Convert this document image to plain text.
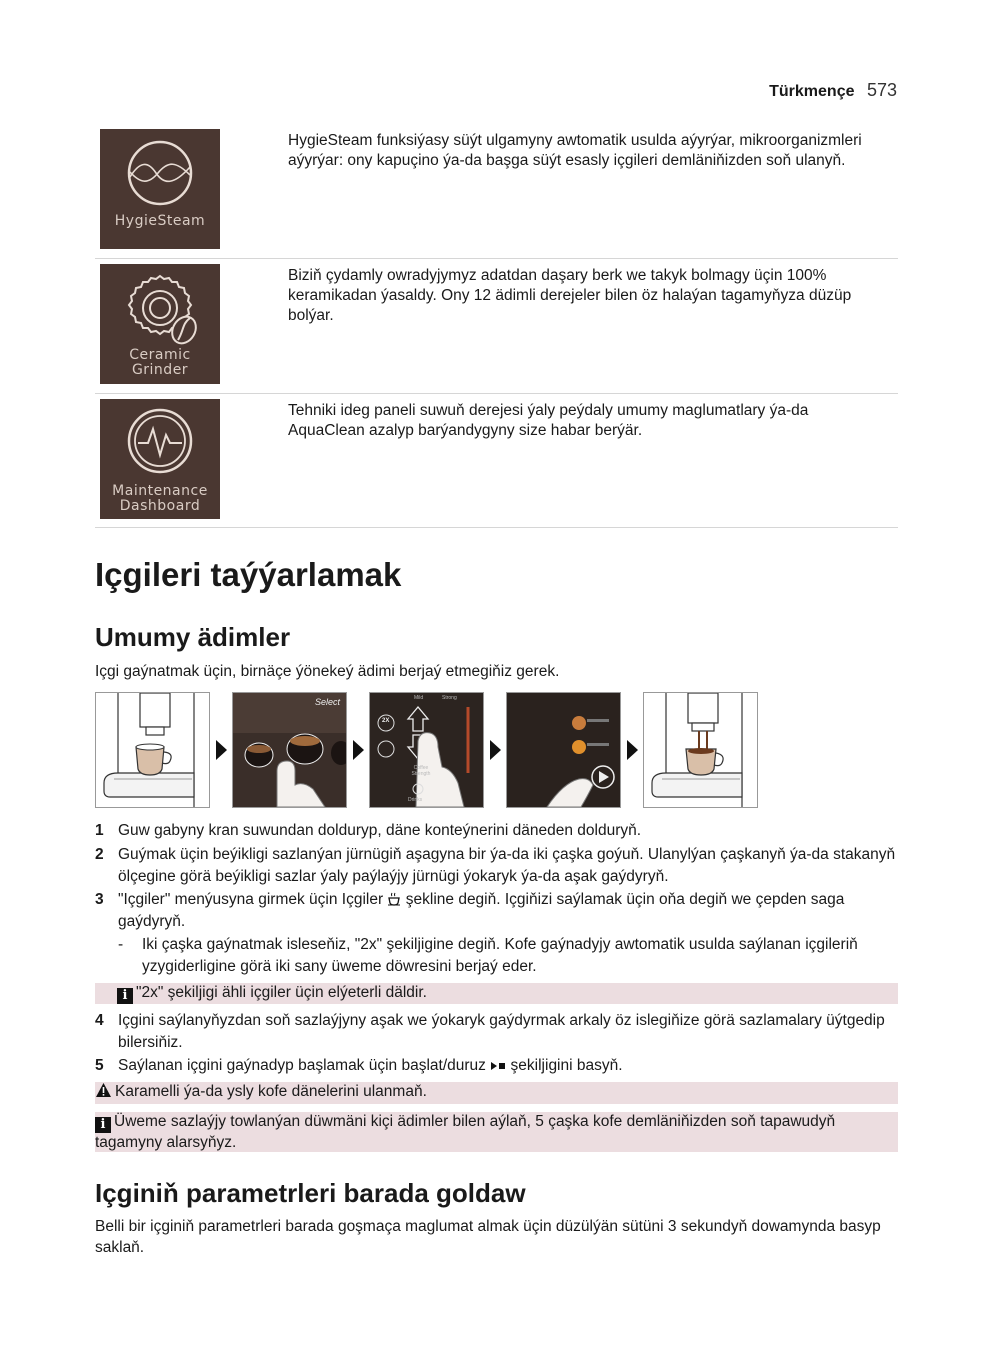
Türkmençe 573
HygieSteam
HygieSteam funksiýasy süýt ulgamyny awtomatik usulda aýyrýar, mikroorganizmleri aýyrýar: ony kapuçino ýa-da başga süýt esasly içgileri demläniňizden soň ulanyň.
Ceramic
Grinder
Biziň çydamly owradyjymyz adatdan daşary berk we takyk bolmagy üçin 100% keramikadan ýasaldy. Ony 12 ädimli derejeler bilen öz halaýan tagamyňyza düzüp bolýar.
Maintenance
Dashboard
Tehniki ideg paneli suwuň derejesi ýaly peýdaly umumy maglumatlary ýa-da AquaClean azalyp barýandygyny size habar berýär.
Içgileri taýýarlamak
Umumy ädimler
Içgi gaýnatmak üçin, birnäçe ýönekeý ädimi berjaý etmegiňiz gerek.
Select	Mild	Strong
2X
Coffee Strength
Drinks
1 Guw gabyny kran suwundan dolduryp, däne konteýnerini däneden dolduryň.
2 Guýmak üçin beýikligi sazlanýan jürnügiň aşagyna bir ýa-da iki çaşka goýuň. Ulanylýan çaşkanyň ýa-da stakanyň ölçegine görä beýikligi sazlar ýaly paýlaýjy jürnügi ýokaryk ýa-da aşak gaýdyryň.
3 "Içgiler" menýusyna girmek üçin Içgiler şekline degiň. Içgiňizi saýlamak üçin oňa degiň we çepden saga gaýdyryň.
- Iki çaşka gaýnatmak isleseňiz, "2x" şekiljigine degiň. Kofe gaýnadyjy awtomatik usulda saýlanan içgileriň yzygiderligine görä iki sany üweme döwresini berjaý eder.
i "2x" şekiljigi ähli içgiler üçin elýeterli däldir.
4 Içgini saýlanyňyzdan soň sazlaýjyny aşak we ýokaryk gaýdyrmak arkaly öz islegiňize görä sazlamalary üýtgedip bilersiňiz.
5 Saýlanan içgini gaýnadyp başlamak üçin başlat/duruz şekiljigini basyň.
Karamelli ýa-da ysly kofe dänelerini ulanmaň.
i Üweme sazlaýjy towlanýan düwmäni kiçi ädimler bilen aýlaň, 5 çaşka kofe demläniňizden soň tapawudyň tagamyny alarsyňyz.
Içginiň parametrleri barada goldaw
Belli bir içginiň parametrleri barada goşmaça maglumat almak üçin düzülýän sütüni 3 sekundyň dowamynda basyp saklaň.
